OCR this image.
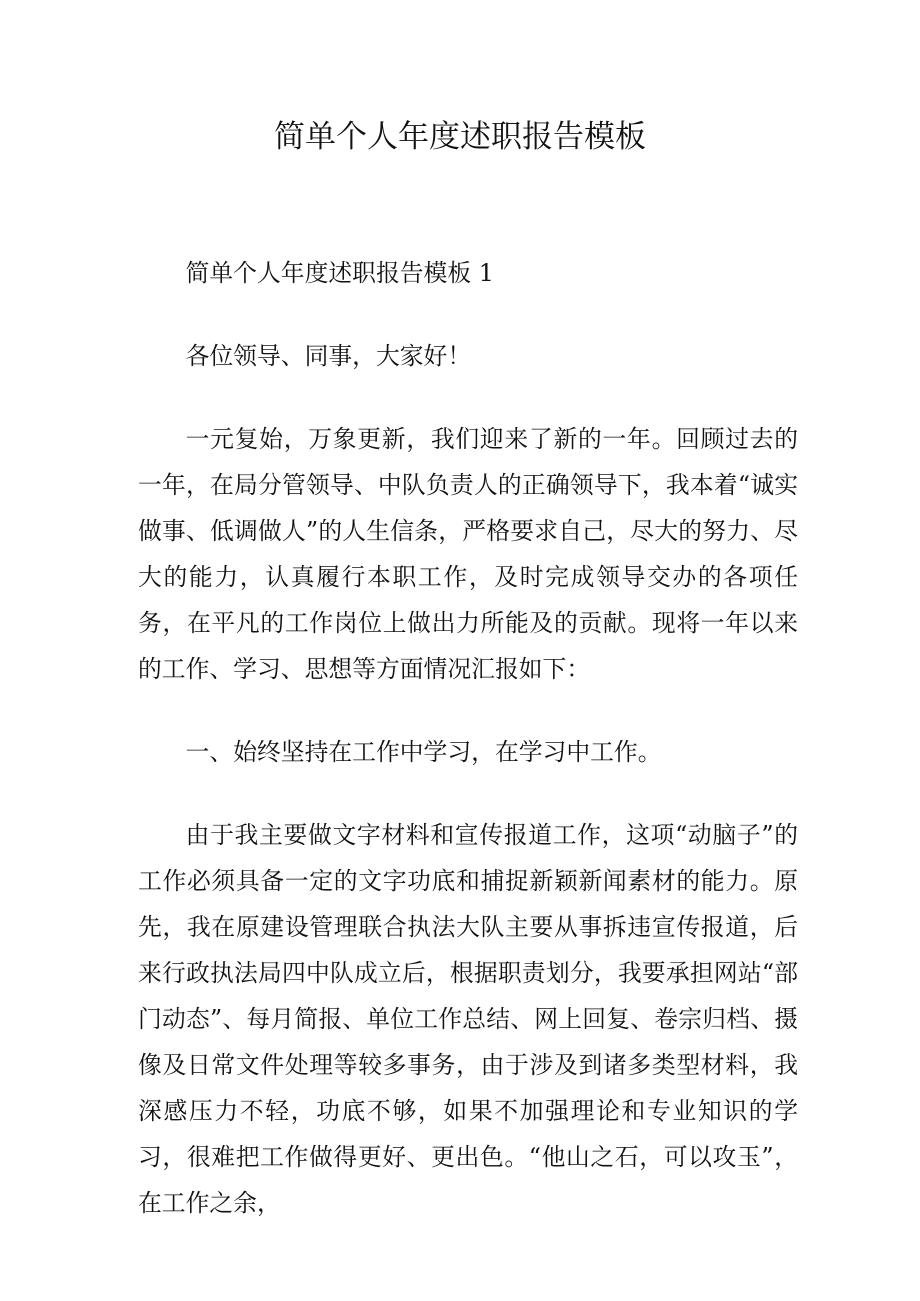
简单个人年度述职报告模板

简单个人年度述职报告模板 1

各位领导、同事，大家好！

一元复始，万象更新，我们迎来了新的一年。回顾过去的一年，在局分管领导、中队负责人的正确领导下，我本着“诚实做事、低调做人”的人生信条，严格要求自己，尽大的努力、尽大的能力，认真履行本职工作，及时完成领导交办的各项任务，在平凡的工作岗位上做出力所能及的贡献。现将一年以来的工作、学习、思想等方面情况汇报如下：

一、始终坚持在工作中学习，在学习中工作。

由于我主要做文字材料和宣传报道工作，这项“动脑子”的工作必须具备一定的文字功底和捕捉新颖新闻素材的能力。原先，我在原建设管理联合执法大队主要从事拆违宣传报道，后来行政执法局四中队成立后，根据职责划分，我要承担网站“部门动态”、每月简报、单位工作总结、网上回复、卷宗归档、摄像及日常文件处理等较多事务，由于涉及到诸多类型材料，我深感压力不轻，功底不够，如果不加强理论和专业知识的学习，很难把工作做得更好、更出色。“他山之石，可以攻玉”，在工作之余，
